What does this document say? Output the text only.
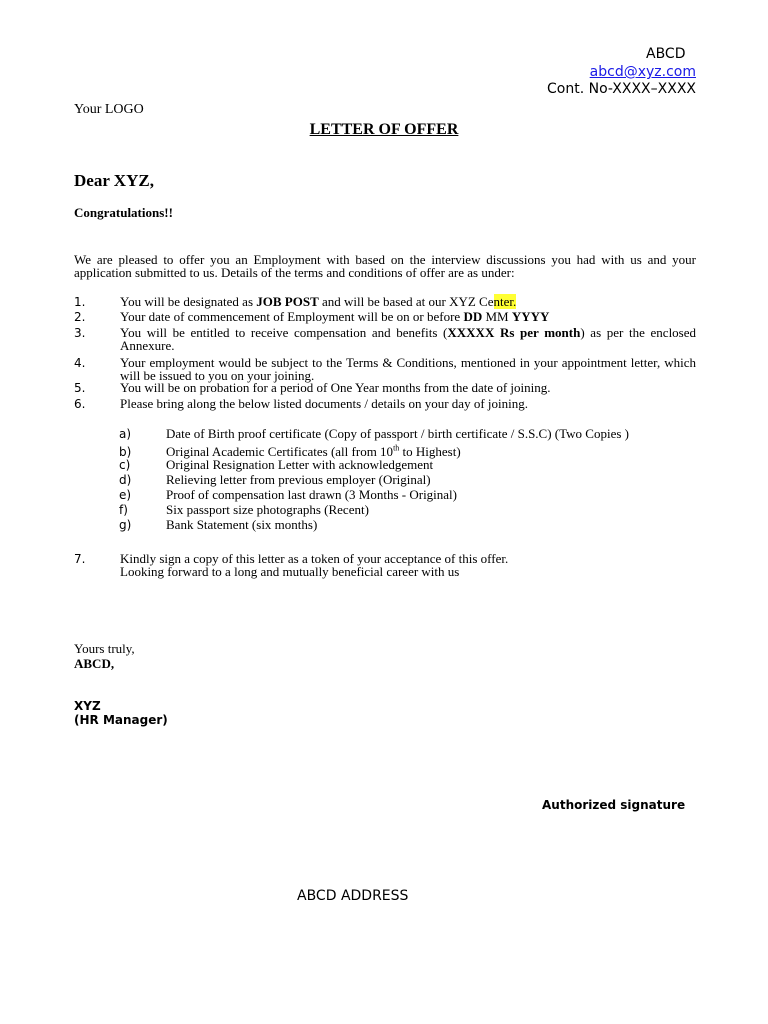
ABCD
abcd@xyz.com
Cont. No-XXXX–XXXX
Your LOGO
LETTER OF OFFER
Dear XYZ,
Congratulations!!
We are pleased to offer you an Employment with based on the interview discussions you had with us and your application submitted to us. Details of the terms and conditions of offer are as under:
1.	You will be designated as JOB POST and will be based at our XYZ Center.
2.	Your date of commencement of Employment will be on or before DD MM YYYY
3.	You will be entitled to receive compensation and benefits (XXXXX Rs per month) as per the enclosed Annexure.
4.	Your employment would be subject to the Terms & Conditions, mentioned in your appointment letter, which will be issued to you on your joining.
5.	You will be on probation for a period of One Year months from the date of joining.
6.	Please bring along the below listed documents / details on your day of joining.
a)	Date of Birth proof certificate (Copy of passport / birth certificate / S.S.C) (Two Copies )
b)	Original Academic Certificates (all from 10th to Highest)
c)	Original Resignation Letter with acknowledgement
d)	Relieving letter from previous employer (Original)
e)	Proof of compensation last drawn (3 Months - Original)
f)	Six passport size photographs (Recent)
g)	Bank Statement (six months)
7.	Kindly sign a copy of this letter as a token of your acceptance of this offer.
Looking forward to a long and mutually beneficial career with us
Yours truly,
ABCD,
XYZ
(HR Manager)
Authorized signature
ABCD ADDRESS
